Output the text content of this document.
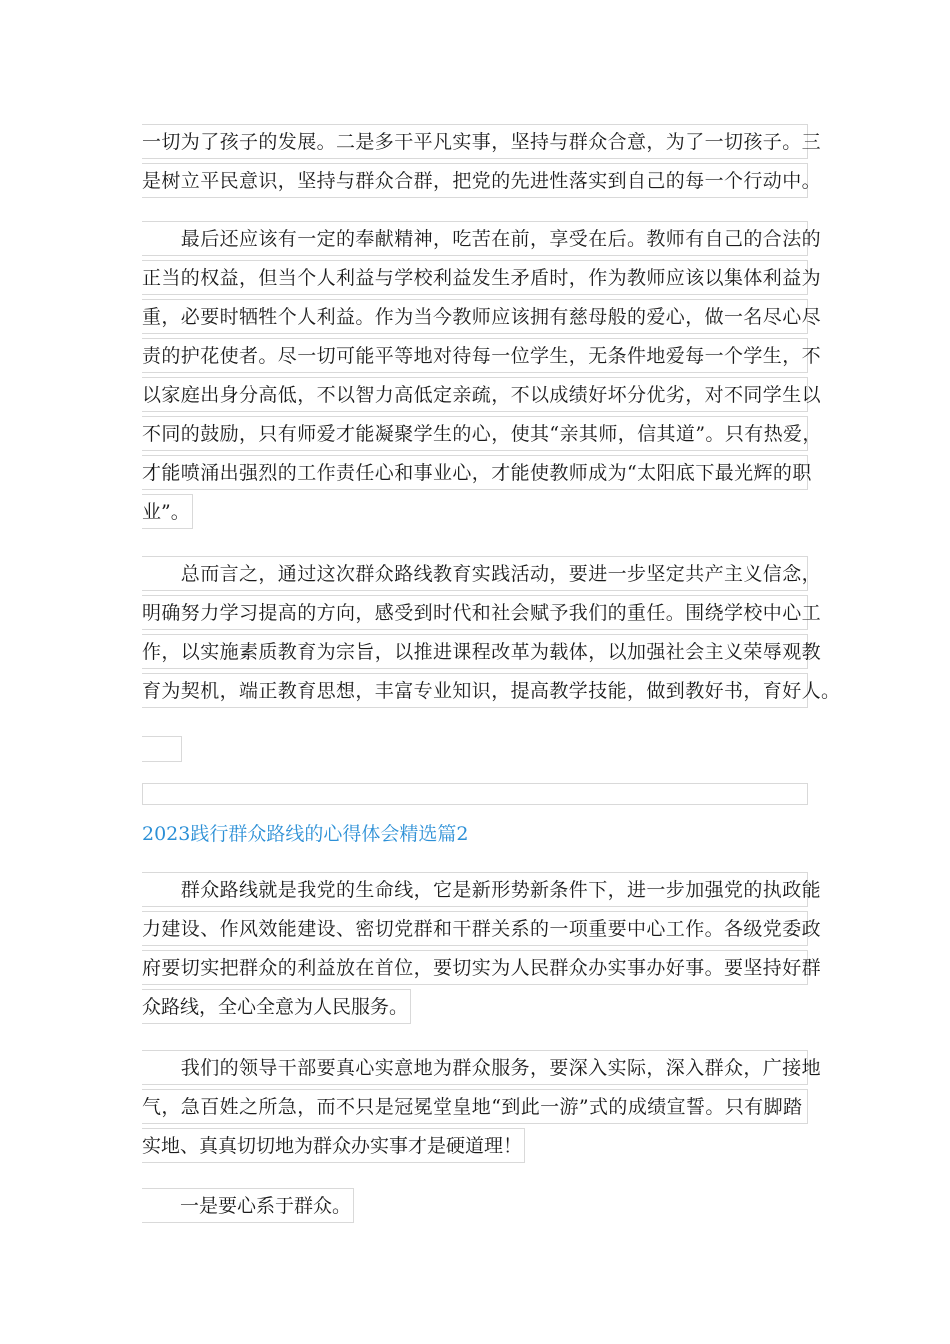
一切为了孩子的发展。二是多干平凡实事，坚持与群众合意，为了一切孩子。三
是树立平民意识，坚持与群众合群，把党的先进性落实到自己的每一个行动中。
　　最后还应该有一定的奉献精神，吃苦在前，享受在后。教师有自己的合法的
正当的权益，但当个人利益与学校利益发生矛盾时，作为教师应该以集体利益为
重，必要时牺牲个人利益。作为当今教师应该拥有慈母般的爱心，做一名尽心尽
责的护花使者。尽一切可能平等地对待每一位学生，无条件地爱每一个学生，不
以家庭出身分高低，不以智力高低定亲疏，不以成绩好坏分优劣，对不同学生以
不同的鼓励，只有师爱才能凝聚学生的心，使其“亲其师，信其道”。只有热爱，
才能喷涌出强烈的工作责任心和事业心，才能使教师成为“太阳底下最光辉的职
业”。
　　总而言之，通过这次群众路线教育实践活动，要进一步坚定共产主义信念，
明确努力学习提高的方向，感受到时代和社会赋予我们的重任。围绕学校中心工
作，以实施素质教育为宗旨，以推进课程改革为载体，以加强社会主义荣辱观教
育为契机，端正教育思想，丰富专业知识，提高教学技能，做到教好书，育好人。
2023践行群众路线的心得体会精选篇2
　　群众路线就是我党的生命线，它是新形势新条件下，进一步加强党的执政能
力建设、作风效能建设、密切党群和干群关系的一项重要中心工作。各级党委政
府要切实把群众的利益放在首位，要切实为人民群众办实事办好事。要坚持好群
众路线，全心全意为人民服务。
　　我们的领导干部要真心实意地为群众服务，要深入实际，深入群众，广接地
气，急百姓之所急，而不只是冠冕堂皇地“到此一游”式的成绩宣誓。只有脚踏
实地、真真切切地为群众办实事才是硬道理！
　　一是要心系于群众。
